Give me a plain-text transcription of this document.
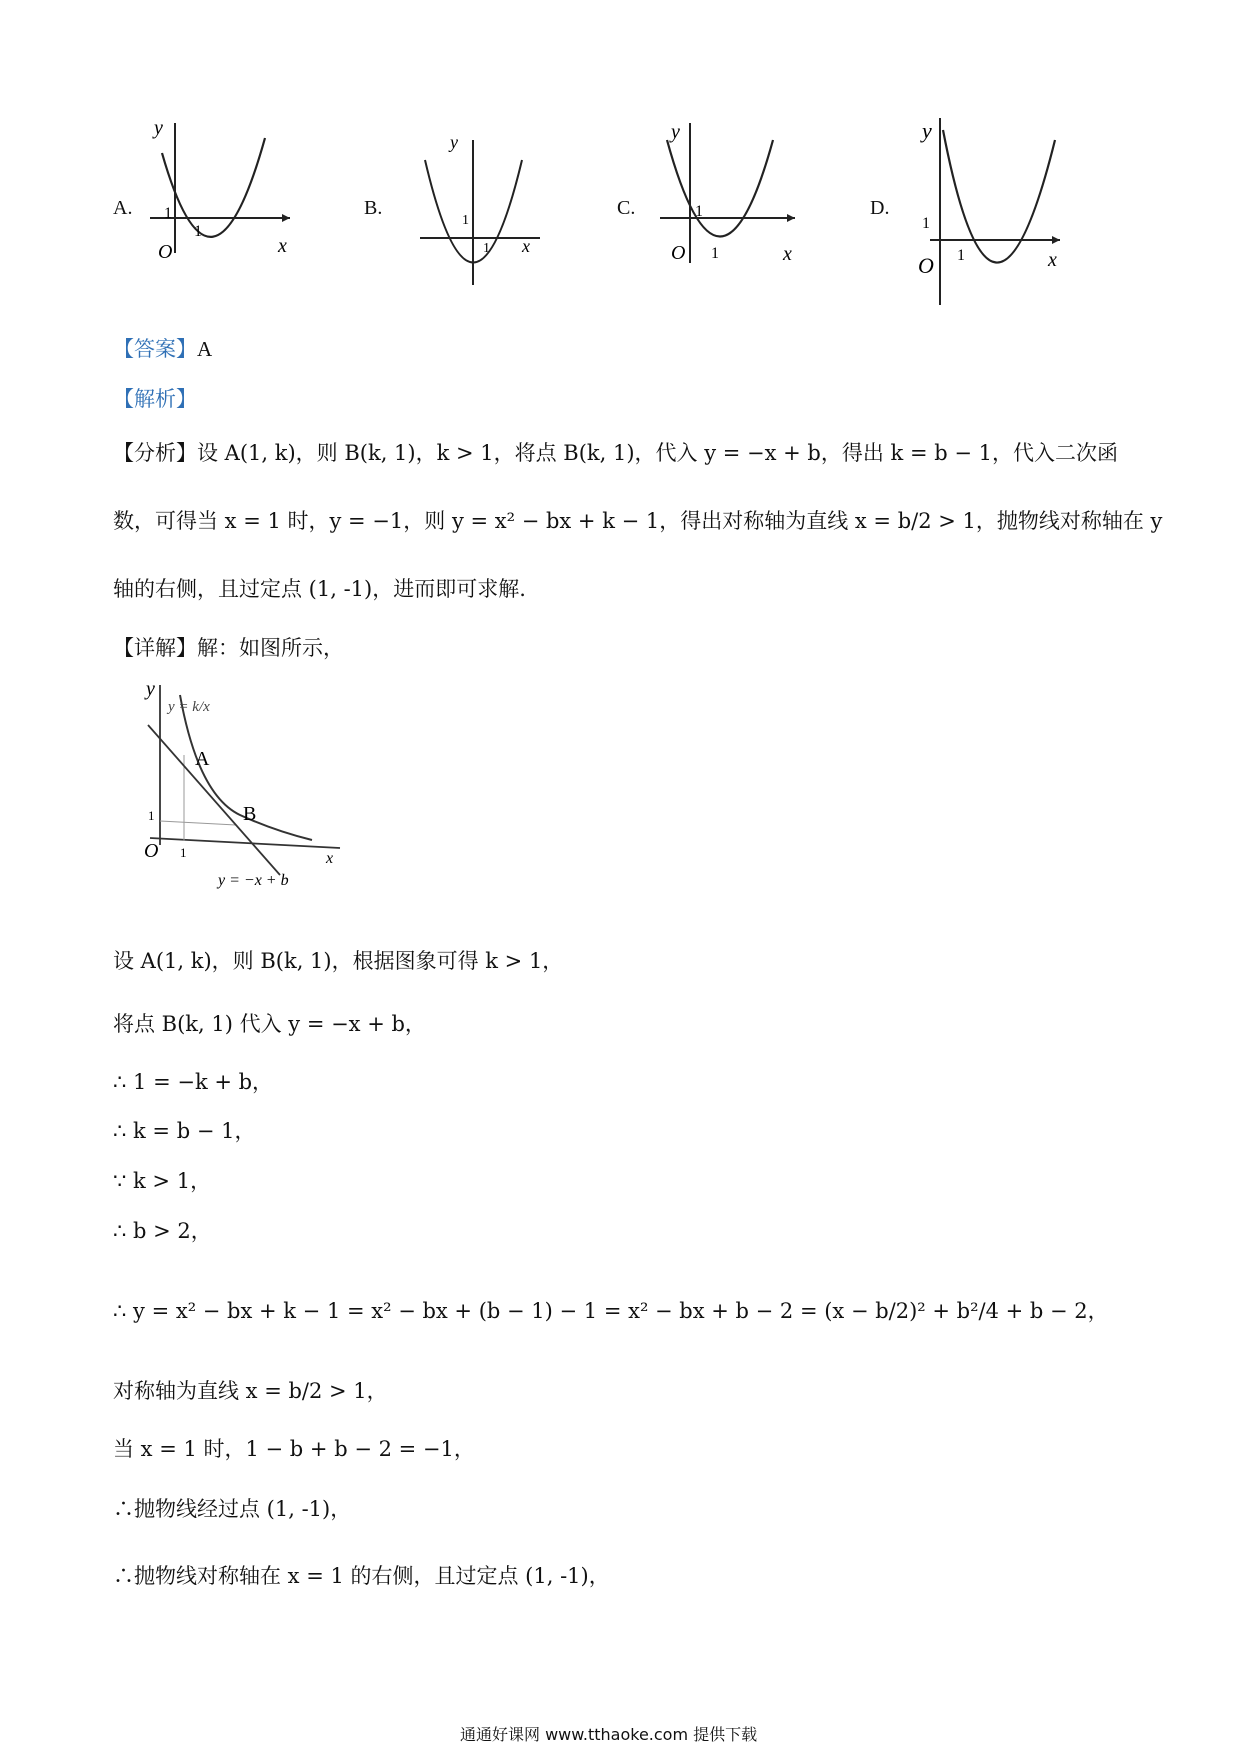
A.
y
x
O
1
1
B.
y
x
1
1
C.
y
x
O
1
1
D.
y
x
O
1
1
【答案】A
【解析】
【分析】设 A(1, k)，则 B(k, 1)，k > 1，将点 B(k, 1)，代入 y = −x + b，得出 k = b − 1，代入二次函
数，可得当 x = 1 时，y = −1，则 y = x² − bx + k − 1，得出对称轴为直线 x = b/2 > 1，抛物线对称轴在 y
轴的右侧，且过定点 (1, -1)，进而即可求解.
【详解】解：如图所示，
y
y = k/x
A
B
1
1
O	x
y = −x + b
设 A(1, k)，则 B(k, 1)，根据图象可得 k > 1，
将点 B(k, 1) 代入 y = −x + b，
∴ 1 = −k + b，
∴ k = b − 1，
∵ k > 1，
∴ b > 2，
∴ y = x² − bx + k − 1 = x² − bx + (b − 1) − 1 = x² − bx + b − 2 = (x − b/2)² + b²/4 + b − 2，
对称轴为直线 x = b/2 > 1，
当 x = 1 时，1 − b + b − 2 = −1，
∴抛物线经过点 (1, -1)，
∴抛物线对称轴在 x = 1 的右侧，且过定点 (1, -1)，
通通好课网 www.tthaoke.com 提供下载
